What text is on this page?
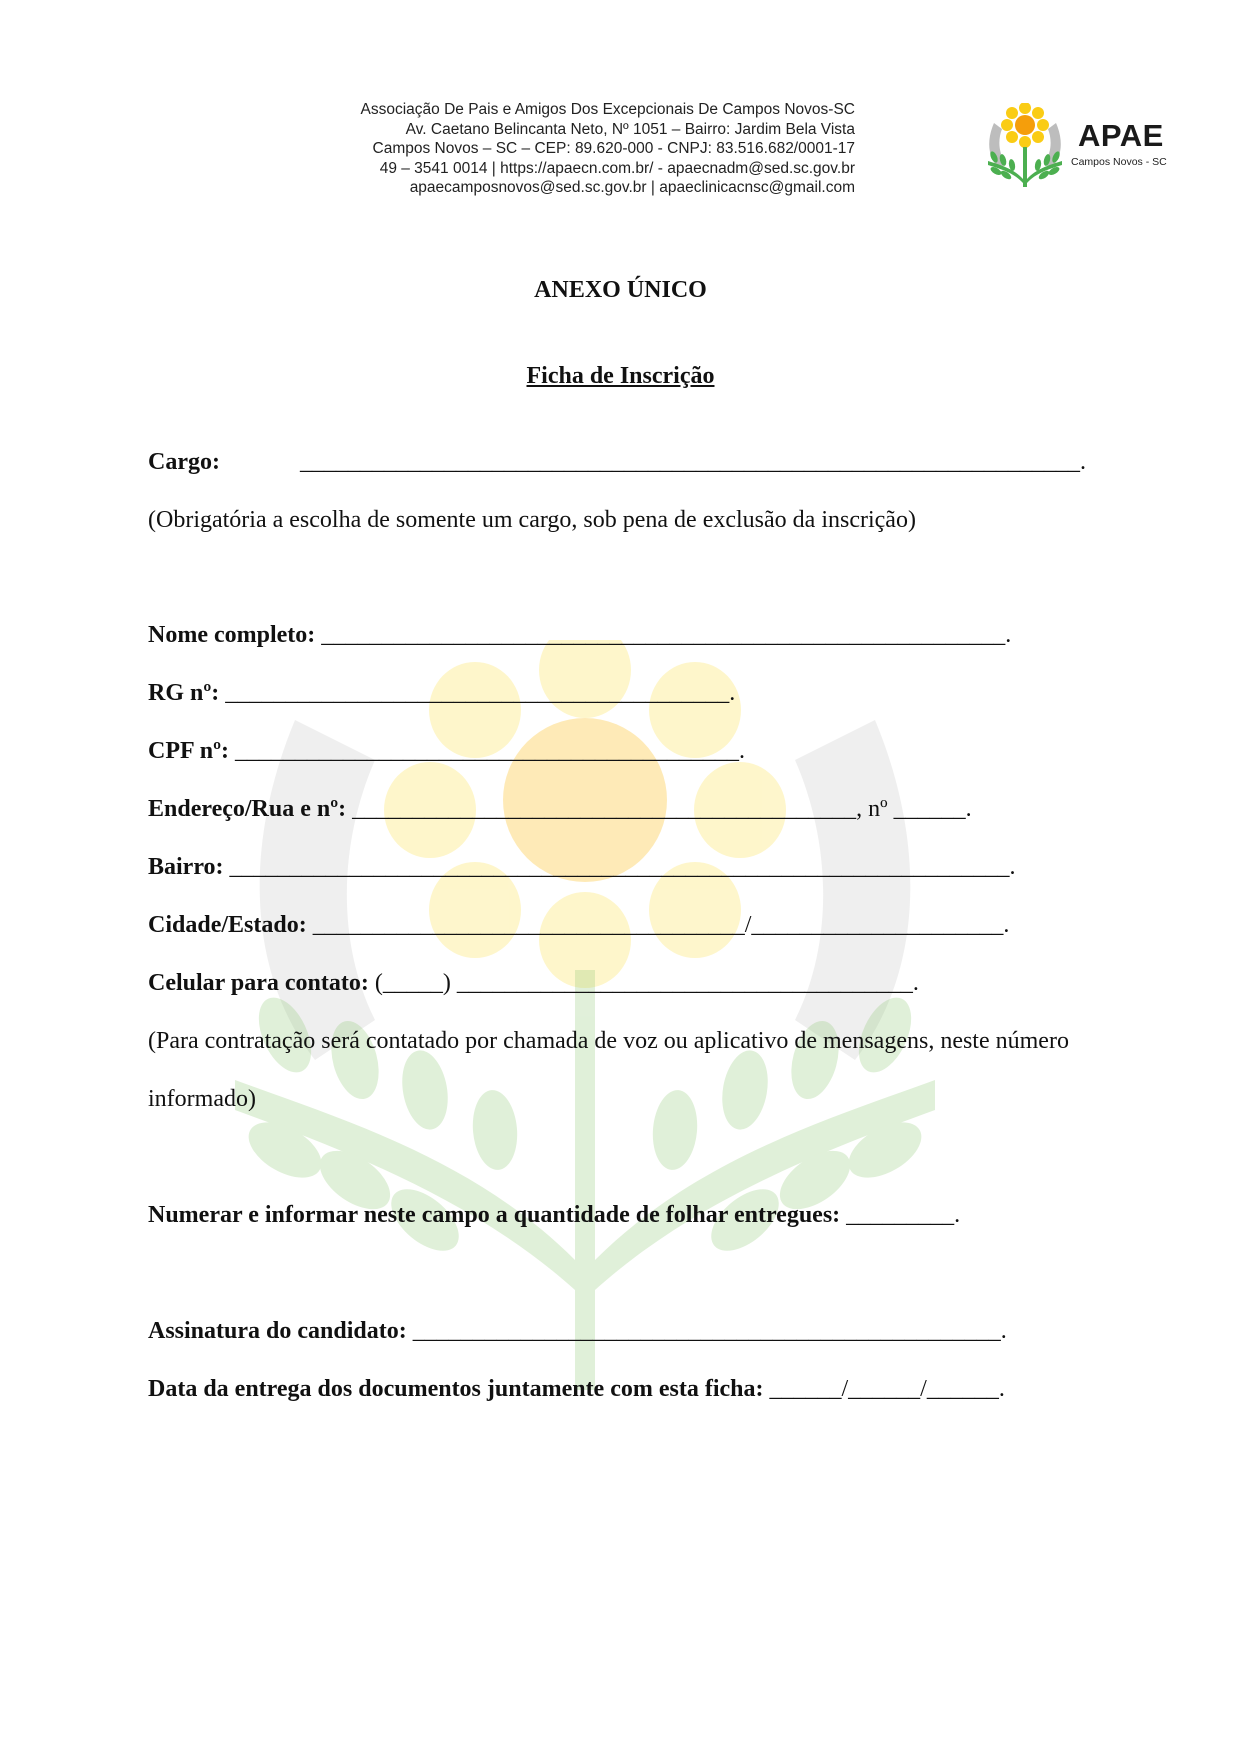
Associação De Pais e Amigos Dos Excepcionais De Campos Novos-SC
Av. Caetano Belincanta Neto, Nº 1051 – Bairro: Jardim Bela Vista
Campos Novos – SC – CEP: 89.620-000 - CNPJ: 83.516.682/0001-17
49 – 3541 0014 | https://apaecn.com.br/ - apaecnadm@sed.sc.gov.br
apaecamposnovos@sed.sc.gov.br | apaeclinicacnsc@gmail.com
APAE
Campos Novos - SC
ANEXO ÚNICO
Ficha de Inscrição

Cargo:	_________________________________________________________________.

(Obrigatória a escolha de somente um cargo, sob pena de exclusão da inscrição)

Nome completo: _________________________________________________________.

RG nº: __________________________________________.

CPF nº: __________________________________________.

Endereço/Rua e nº: __________________________________________, nº ______.

Bairro: _________________________________________________________________.

Cidade/Estado: ____________________________________/_____________________.

Celular para contato: (_____) ______________________________________.

(Para contratação será contatado por chamada de voz ou aplicativo de mensagens, neste número

informado)

Numerar e informar neste campo a quantidade de folhar entregues: _________.

Assinatura do candidato: _________________________________________________.

Data da entrega dos documentos juntamente com esta ficha: ______/______/______.
